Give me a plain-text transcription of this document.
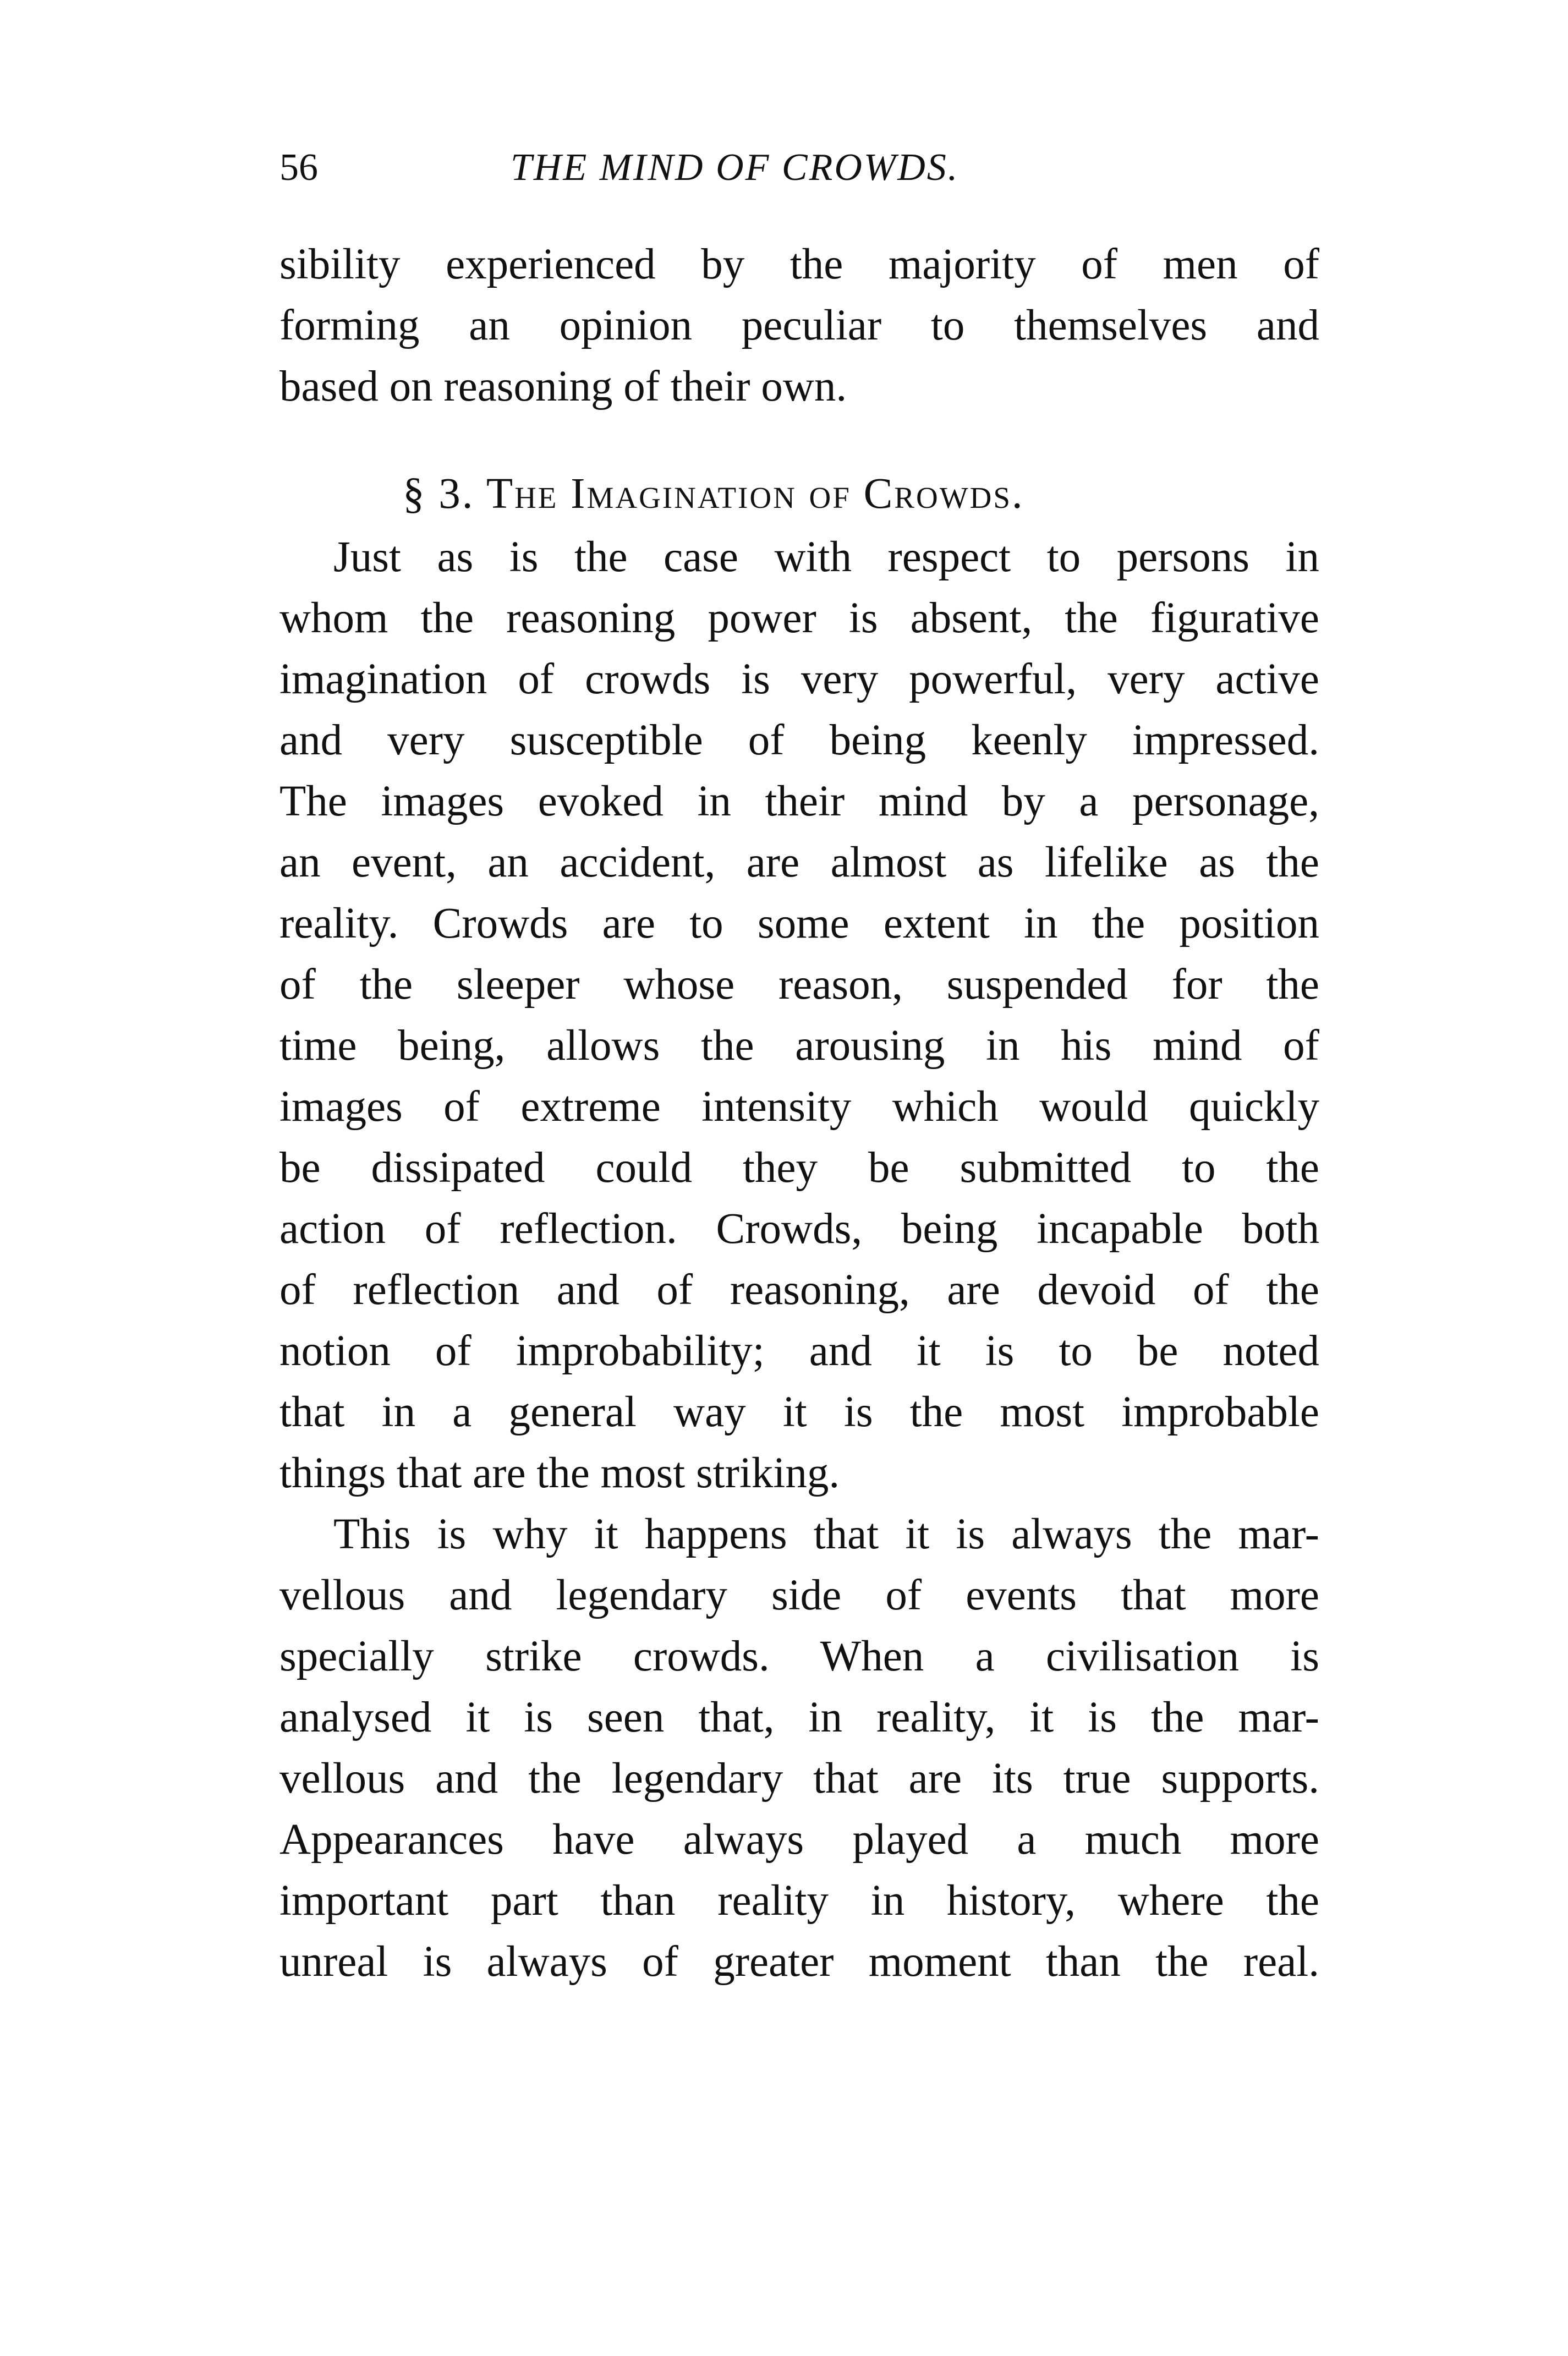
56	THE MIND OF CROWDS.
sibility experienced by the majority of men of
forming an opinion peculiar to themselves and
based on reasoning of their own.
§ 3. The Imagination of Crowds.
Just as is the case with respect to persons in
whom the reasoning power is absent, the figurative
imagination of crowds is very powerful, very active
and very susceptible of being keenly impressed.
The images evoked in their mind by a personage,
an event, an accident, are almost as lifelike as the
reality. Crowds are to some extent in the position
of the sleeper whose reason, suspended for the
time being, allows the arousing in his mind of
images of extreme intensity which would quickly
be dissipated could they be submitted to the
action of reflection. Crowds, being incapable both
of reflection and of reasoning, are devoid of the
notion of improbability; and it is to be noted
that in a general way it is the most improbable
things that are the most striking.
This is why it happens that it is always the mar-
vellous and legendary side of events that more
specially strike crowds. When a civilisation is
analysed it is seen that, in reality, it is the mar-
vellous and the legendary that are its true supports.
Appearances have always played a much more
important part than reality in history, where the
unreal is always of greater moment than the real.
